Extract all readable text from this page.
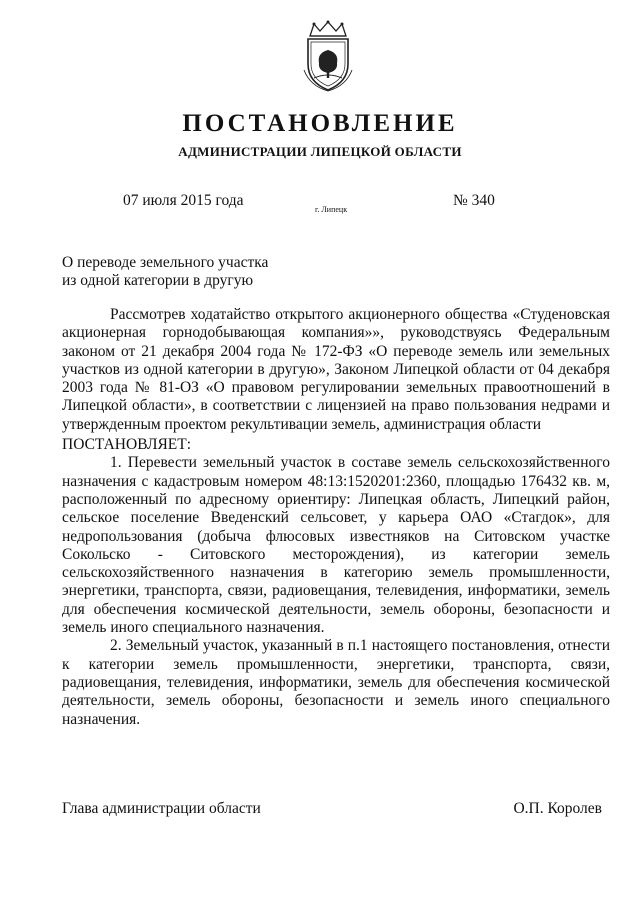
ПОСТАНОВЛЕНИЕ
АДМИНИСТРАЦИИ ЛИПЕЦКОЙ ОБЛАСТИ
07 июля 2015 года
г. Липецк
№ 340
О переводе земельного участка
из одной категории в другую

Рассмотрев ходатайство открытого акционерного общества «Студеновская акционерная горнодобывающая компания»», руководствуясь Федеральным законом от 21 декабря 2004 года № 172-ФЗ «О переводе земель или земельных участков из одной категории в другую», Законом Липецкой области от 04 декабря 2003 года № 81-ОЗ «О правовом регулировании земельных правоотношений в Липецкой области», в соответствии с лицензией на право пользования недрами и утвержденным проектом рекультивации земель, администрация области

ПОСТАНОВЛЯЕТ:

1. Перевести земельный участок в составе земель сельскохозяйственного назначения с кадастровым номером 48:13:1520201:2360, площадью 176432 кв. м, расположенный по адресному ориентиру: Липецкая область, Липецкий район, сельское поселение Введенский сельсовет, у карьера ОАО «Стагдок», для недропользования (добыча флюсовых известняков на Ситовском участке Сокольско - Ситовского месторождения), из категории земель сельскохозяйственного назначения в категорию земель промышленности, энергетики, транспорта, связи, радиовещания, телевидения, информатики, земель для обеспечения космической деятельности, земель обороны, безопасности и земель иного специального назначения.

2. Земельный участок, указанный в п.1 настоящего постановления, отнести к категории земель промышленности, энергетики, транспорта, связи, радиовещания, телевидения, информатики, земель для обеспечения космической деятельности, земель обороны, безопасности и земель иного специального назначения.

Глава администрации области	О.П. Королев
